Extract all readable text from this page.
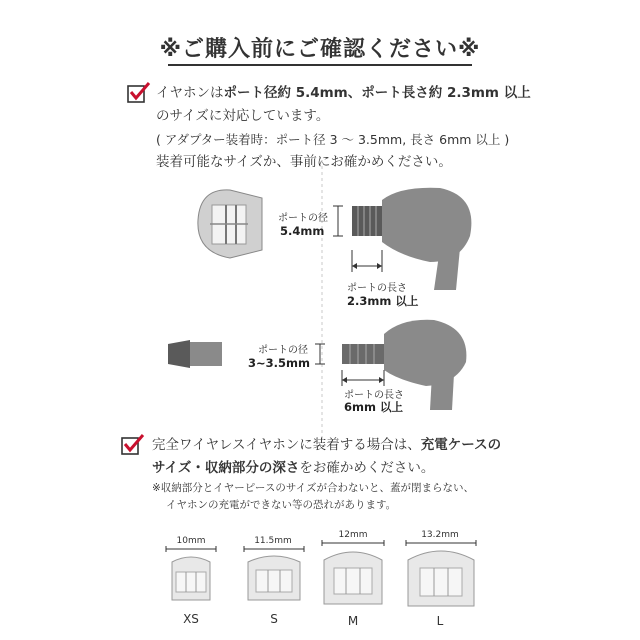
※ご購入前にご確認ください※
イヤホンはポート径約 5.4mm、ポート長さ約 2.3mm 以上
のサイズに対応しています。
( アダプター装着時：ポート径 3 ～ 3.5mm, 長さ 6mm 以上 )
装着可能なサイズか、事前にお確かめください。
ポートの径
5.4mm
ポートの長さ
2.3mm 以上
ポートの径
3~3.5mm
ポートの長さ
6mm 以上
完全ワイヤレスイヤホンに装着する場合は、充電ケースの
サイズ・収納部分の深さをお確かめください。
※収納部分とイヤーピースのサイズが合わないと、蓋が閉まらない、
イヤホンの充電ができない等の恐れがあります。
10mm	11.5mm
12mm	13.2mm
XS	S	M	L
